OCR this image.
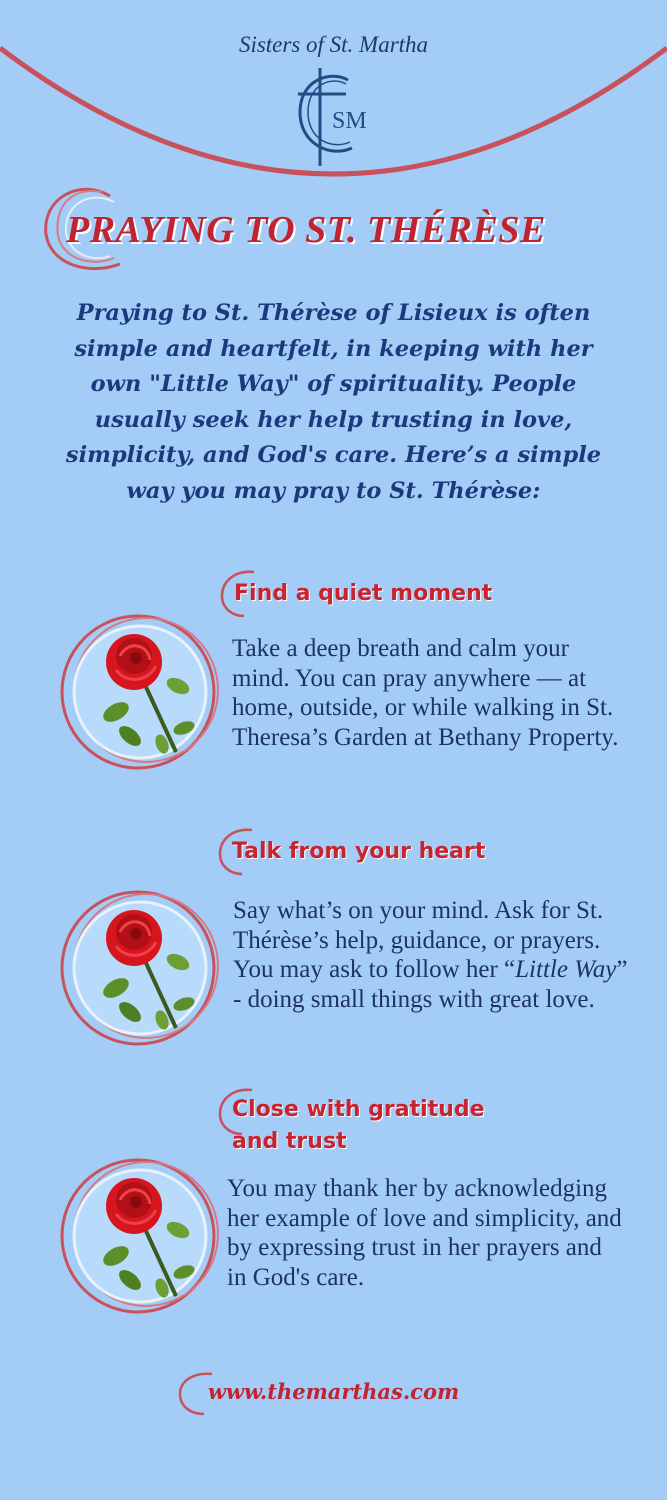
Sisters of St. Martha
SM
PRAYING TO ST. THÉRÈSE
Praying to St. Thérèse of Lisieux is often simple and heartfelt, in keeping with her own "Little Way" of spirituality. People usually seek her help trusting in love, simplicity, and God's care. Here’s a simple way you may pray to St. Thérèse:
Find a quiet moment
Take a deep breath and calm your mind. You can pray anywhere — at home, outside, or while walking in St. Theresa’s Garden at Bethany Property.
Talk from your heart
Say what’s on your mind. Ask for St. Thérèse’s help, guidance, or prayers. You may ask to follow her “Little Way” - doing small things with great love.
Close with gratitude
and trust
You may thank her by acknowledging her example of love and simplicity, and by expressing trust in her prayers and in God's care.
www.themarthas.com
